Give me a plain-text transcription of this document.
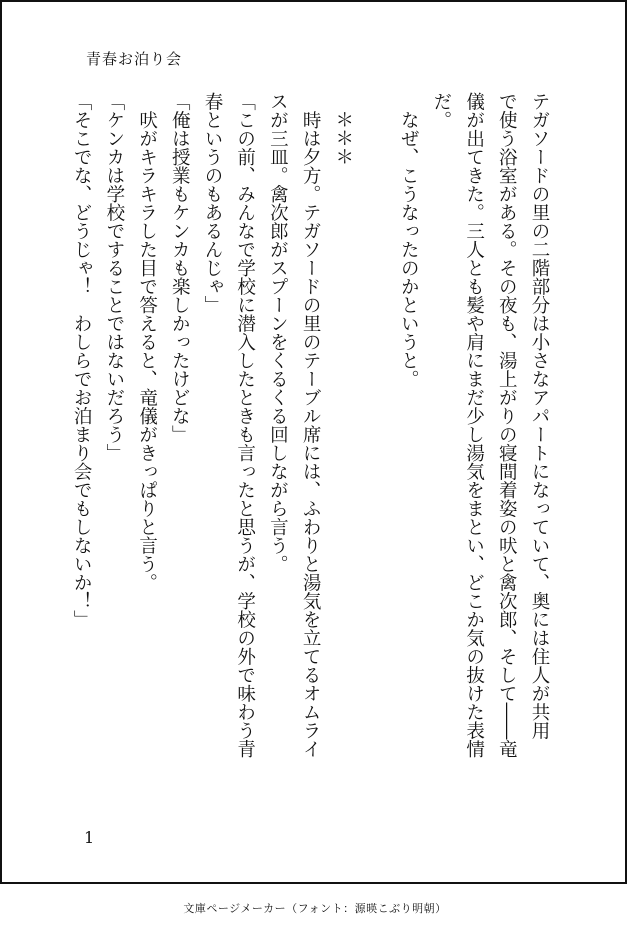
青春お泊り会
テガソードの里の二階部分は小さなアパートになっていて、奥には住人が共用
で使う浴室がある。その夜も、湯上がりの寝間着姿の吠と禽次郎、そして――竜
儀が出てきた。三人とも髪や肩にまだ少し湯気をまとい、どこか気の抜けた表情
だ。
　なぜ、こうなったのかというと。

　＊＊＊
　時は夕方。テガソードの里のテーブル席には、ふわりと湯気を立てるオムライ
スが三皿。禽次郎がスプーンをくるくる回しながら言う。
「この前、みんなで学校に潜入したときも言ったと思うが、学校の外で味わう青
春というのもあるんじゃ」
「俺は授業もケンカも楽しかったけどな」
　吠がキラキラした目で答えると、竜儀がきっぱりと言う。
「ケンカは学校ですることではないだろう」
「そこでな、どうじゃ！　わしらでお泊まり会でもしないか！」
1
文庫ページメーカー（フォント：源暎こぶり明朝）
